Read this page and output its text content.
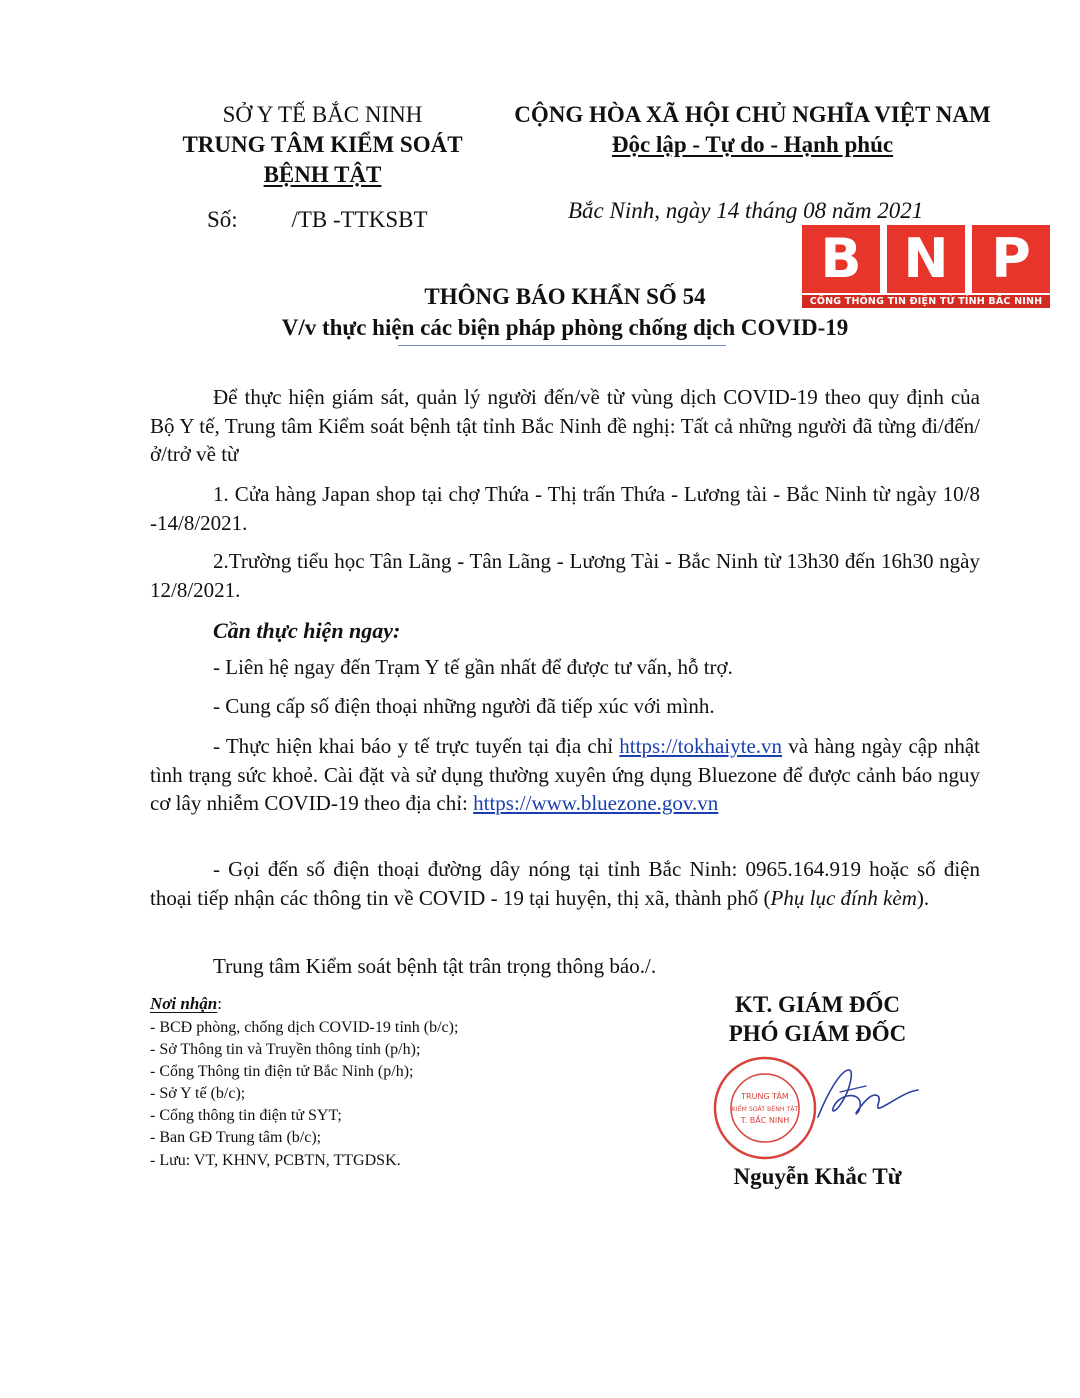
SỞ Y TẾ BẮC NINH
TRUNG TÂM KIỂM SOÁT
BỆNH TẬT
Số: /TB -TTKSBT
CỘNG HÒA XÃ HỘI CHỦ NGHĨA VIỆT NAM
Độc lập - Tự do - Hạnh phúc
Bắc Ninh, ngày 14 tháng 08 năm 2021
B N P
CỔNG THÔNG TIN ĐIỆN TỬ TỈNH BẮC NINH
THÔNG BÁO KHẨN SỐ 54
V/v thực hiện các biện pháp phòng chống dịch COVID-19
Để thực hiện giám sát, quản lý người đến/về từ vùng dịch COVID-19 theo quy định của Bộ Y tế, Trung tâm Kiểm soát bệnh tật tỉnh Bắc Ninh đề nghị: Tất cả những người đã từng đi/đến/ở/trở về từ
1. Cửa hàng Japan shop tại chợ Thứa - Thị trấn Thứa - Lương tài - Bắc Ninh từ ngày 10/8 -14/8/2021.
2.Trường tiểu học Tân Lãng - Tân Lãng - Lương Tài - Bắc Ninh từ 13h30 đến 16h30 ngày 12/8/2021.
Cần thực hiện ngay:
- Liên hệ ngay đến Trạm Y tế gần nhất để được tư vấn, hỗ trợ.
- Cung cấp số điện thoại những người đã tiếp xúc với mình.
- Thực hiện khai báo y tế trực tuyến tại địa chỉ https://tokhaiyte.vn và hàng ngày cập nhật tình trạng sức khoẻ. Cài đặt và sử dụng thường xuyên ứng dụng Bluezone để được cảnh báo nguy cơ lây nhiễm COVID-19 theo địa chỉ: https://www.bluezone.gov.vn
- Gọi đến số điện thoại đường dây nóng tại tỉnh Bắc Ninh: 0965.164.919 hoặc số điện thoại tiếp nhận các thông tin về COVID - 19 tại huyện, thị xã, thành phố (Phụ lục đính kèm).
Trung tâm Kiểm soát bệnh tật trân trọng thông báo./.
Nơi nhận:
- BCĐ phòng, chống dịch COVID-19 tỉnh (b/c);
- Sở Thông tin và Truyền thông tỉnh (p/h);
- Cổng Thông tin điện tử Bắc Ninh (p/h);
- Sở Y tế (b/c);
- Cổng thông tin điện tử SYT;
- Ban GĐ Trung tâm (b/c);
- Lưu: VT, KHNV, PCBTN, TTGDSK.
KT. GIÁM ĐỐC
PHÓ GIÁM ĐỐC
TRUNG TÂM
KIỂM SOÁT BỆNH TẬT
T. BẮC NINH
Nguyễn Khắc Từ
